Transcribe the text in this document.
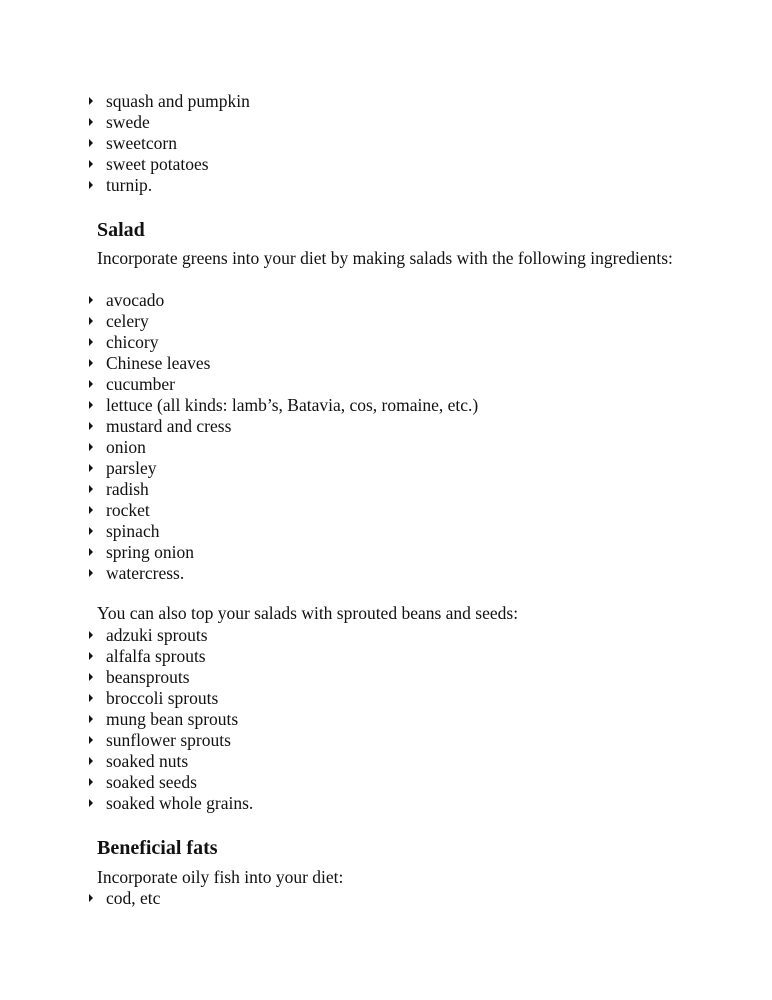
squash and pumpkin
swede
sweetcorn
sweet potatoes
turnip.
Salad

Incorporate greens into your diet by making salads with the following ingredients:

avocado
celery
chicory
Chinese leaves
cucumber
lettuce (all kinds: lamb’s, Batavia, cos, romaine, etc.)
mustard and cress
onion
parsley
radish
rocket
spinach
spring onion
watercress.

You can also top your salads with sprouted beans and seeds:

adzuki sprouts
alfalfa sprouts
beansprouts
broccoli sprouts
mung bean sprouts
sunflower sprouts
soaked nuts
soaked seeds
soaked whole grains.
Beneficial fats

Incorporate oily fish into your diet:

cod, etc
